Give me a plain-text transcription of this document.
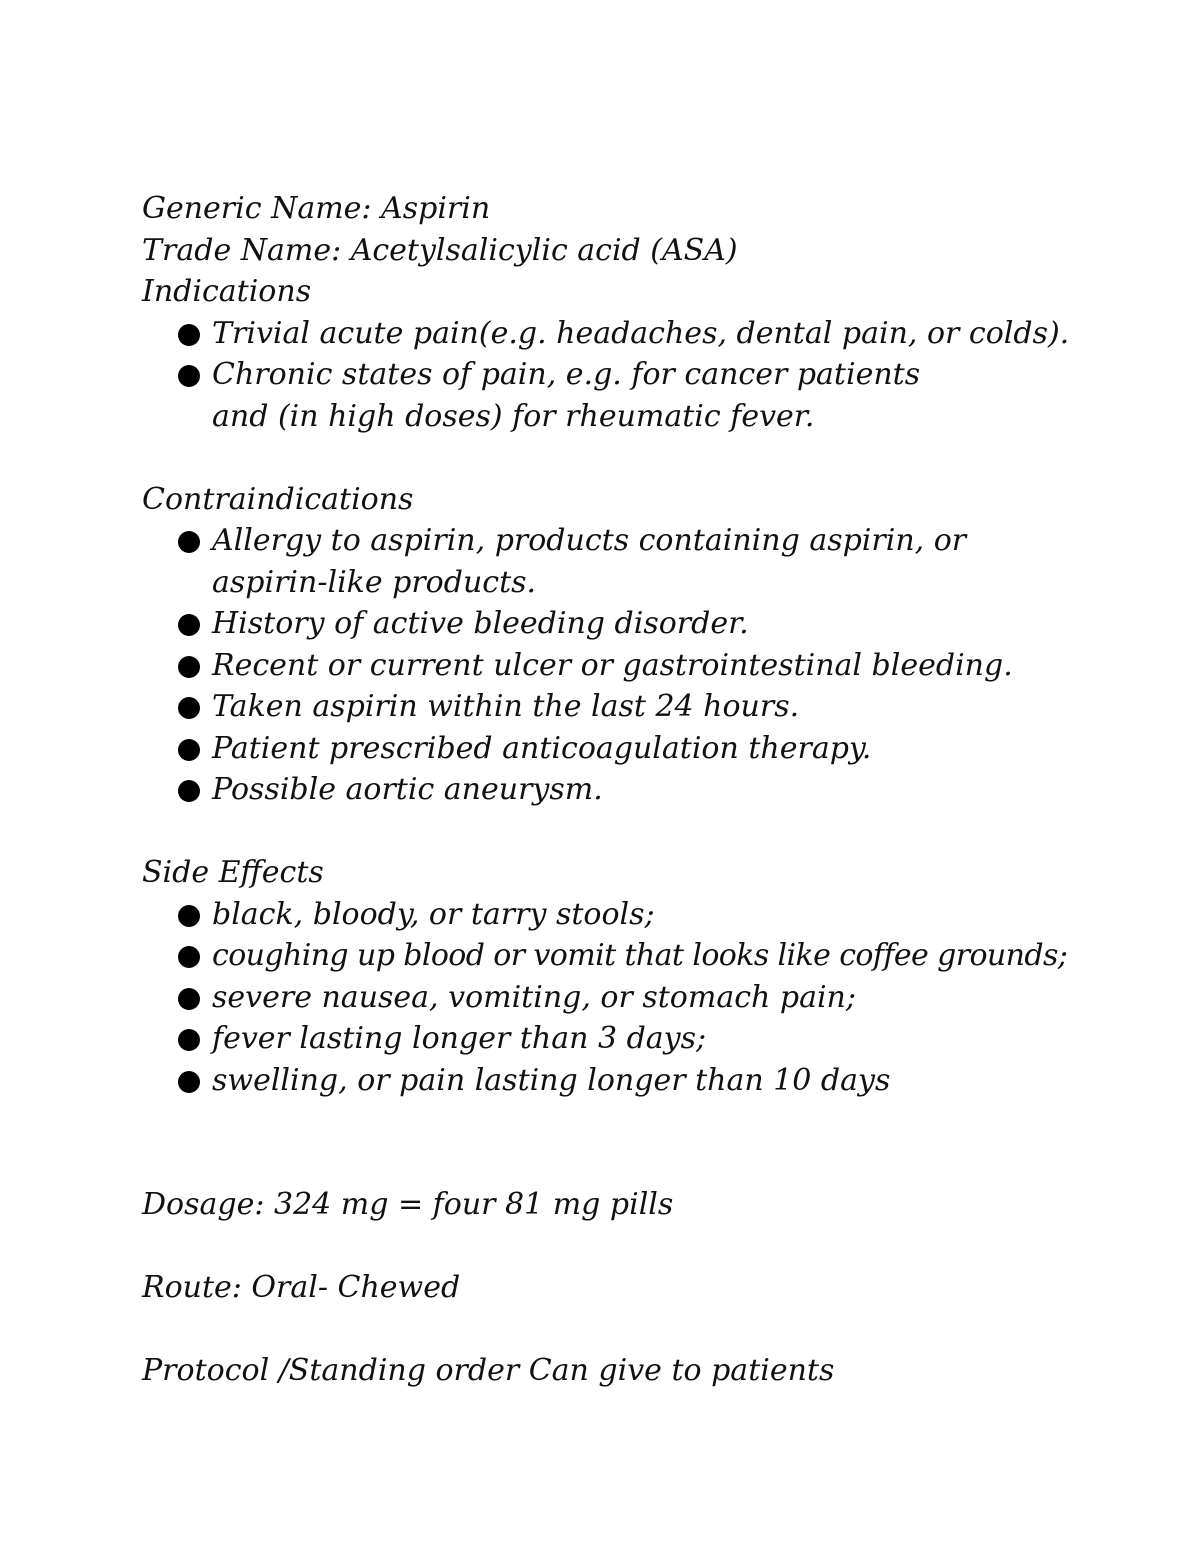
Generic Name: Aspirin

Trade Name: Acetylsalicylic acid (ASA)

Indications

Trivial acute pain(e.g. headaches, dental pain, or colds).
Chronic states of pain, e.g. for cancer patients and (in high doses) for rheumatic fever.

Contraindications

Allergy to aspirin, products containing aspirin, or aspirin-like products.
History of active bleeding disorder.
Recent or current ulcer or gastrointestinal bleeding.
Taken aspirin within the last 24 hours.
Patient prescribed anticoagulation therapy.
Possible aortic aneurysm.

Side Effects

black, bloody, or tarry stools;
coughing up blood or vomit that looks like coffee grounds;
severe nausea, vomiting, or stomach pain;
fever lasting longer than 3 days;
swelling, or pain lasting longer than 10 days

Dosage: 324 mg = four 81 mg pills

Route: Oral- Chewed

Protocol /Standing order Can give to patients
